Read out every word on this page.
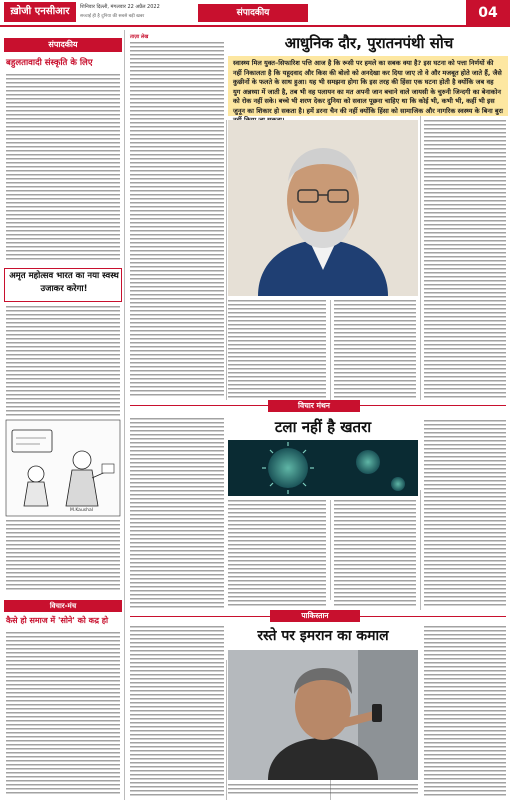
ख़ोजी एनसीआर	शिनिवार दिल्ली, मंगलवार 22 अप्रैल 2022
सच्चाई ही है दुनिया की सबसे बड़ी खबर	संपादकीय	04
संपादकीय
बहुलतावादी संस्कृति के लिए
अमृत महोत्सव भारत का नया स्वस्थ उजाकर करेगा!
M.Kaushal
विचार-मंच
कैसे हो समाज में 'सोने' को कद्र हो
ताज़ा लेख	आधुनिक दौर, पुरातनपंथी सोच
स्वास्थ्य मिल युक्त–सिफारिश पत्ति आज है कि रूसी पर हमले का सबक क्या है? इस घटना को पत्ता निर्णयों की नहीं निकालता है कि यहूदवाद और किस की बोलो को अनदेखा कर दिया जाए तो वे और मजबूत होते जाते हैं, जैसे कुछीनों के फलते के साथ हुआ। यह भी समझना होगा कि इस तरह की हिंसा एक घटना होती है क्योंकि जब वह युग अन्नध्या में जाती है, तब भी वह पलायन का मत अपनी जान बचाने वाले जायसी के चुरुनी जिन्दगी का बेनाकोन को रोक नहीं सके। बच्चे भी शरण देकर दुनिया को सवाल पूछना चाहिए था कि कोई भी, कभी भी, कहीं भी इस जुनून का शिकार हो सकता है। हमें डरना चैन की नहीं क्योंकि हिंसा को सामाजिक और नागरिक स्वस्थ्य के बिना बुरा
विचार मंथन
टला नहीं है खतरा
पाकिस्तान
रस्ते पर इमरान का कमाल
